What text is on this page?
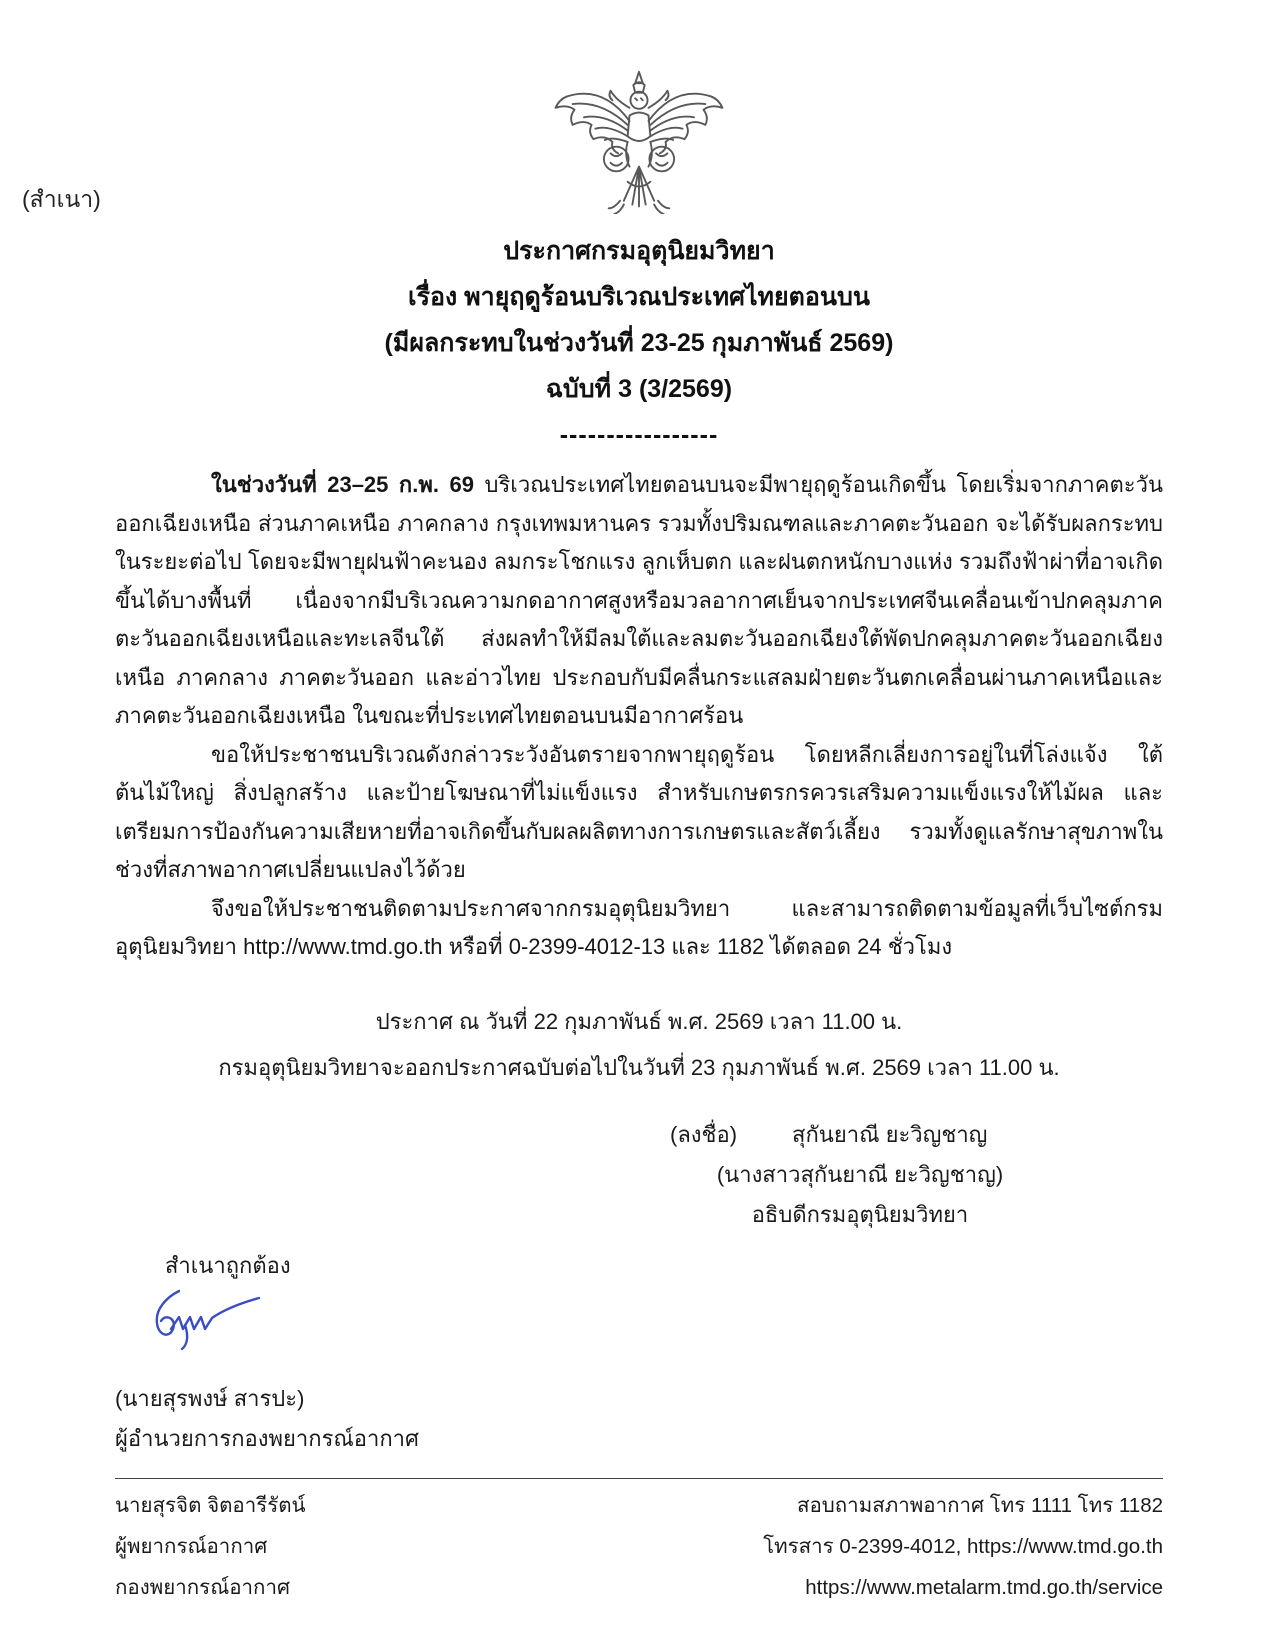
(สำเนา)
ประกาศกรมอุตุนิยมวิทยา
เรื่อง พายุฤดูร้อนบริเวณประเทศไทยตอนบน
(มีผลกระทบในช่วงวันที่ 23-25 กุมภาพันธ์ 2569)
ฉบับที่ 3 (3/2569)
-----------------

ในช่วงวันที่ 23–25 ก.พ. 69 บริเวณประเทศไทยตอนบนจะมีพายุฤดูร้อนเกิดขึ้น โดยเริ่มจากภาคตะวันออกเฉียงเหนือ ส่วนภาคเหนือ ภาคกลาง กรุงเทพมหานคร รวมทั้งปริมณฑลและภาคตะวันออก จะได้รับผลกระทบในระยะต่อไป โดยจะมีพายุฝนฟ้าคะนอง ลมกระโชกแรง ลูกเห็บตก และฝนตกหนักบางแห่ง รวมถึงฟ้าผ่าที่อาจเกิดขึ้นได้บางพื้นที่ เนื่องจากมีบริเวณความกดอากาศสูงหรือมวลอากาศเย็นจากประเทศจีนเคลื่อนเข้าปกคลุมภาคตะวันออกเฉียงเหนือและทะเลจีนใต้ ส่งผลทำให้มีลมใต้และลมตะวันออกเฉียงใต้พัดปกคลุมภาคตะวันออกเฉียงเหนือ ภาคกลาง ภาคตะวันออก และอ่าวไทย ประกอบกับมีคลื่นกระแสลมฝ่ายตะวันตกเคลื่อนผ่านภาคเหนือและภาคตะวันออกเฉียงเหนือ ในขณะที่ประเทศไทยตอนบนมีอากาศร้อน

ขอให้ประชาชนบริเวณดังกล่าวระวังอันตรายจากพายุฤดูร้อน โดยหลีกเลี่ยงการอยู่ในที่โล่งแจ้ง ใต้ต้นไม้ใหญ่ สิ่งปลูกสร้าง และป้ายโฆษณาที่ไม่แข็งแรง สำหรับเกษตรกรควรเสริมความแข็งแรงให้ไม้ผล และเตรียมการป้องกันความเสียหายที่อาจเกิดขึ้นกับผลผลิตทางการเกษตรและสัตว์เลี้ยง รวมทั้งดูแลรักษาสุขภาพในช่วงที่สภาพอากาศเปลี่ยนแปลงไว้ด้วย

จึงขอให้ประชาชนติดตามประกาศจากกรมอุตุนิยมวิทยา และสามารถติดตามข้อมูลที่เว็บไซต์กรมอุตุนิยมวิทยา http://www.tmd.go.th หรือที่ 0-2399-4012-13 และ 1182 ได้ตลอด 24 ชั่วโมง

ประกาศ ณ วันที่ 22 กุมภาพันธ์ พ.ศ. 2569 เวลา 11.00 น.
กรมอุตุนิยมวิทยาจะออกประกาศฉบับต่อไปในวันที่ 23 กุมภาพันธ์ พ.ศ. 2569 เวลา 11.00 น.
(ลงชื่อ)	สุกันยาณี ยะวิญชาญ
(นางสาวสุกันยาณี ยะวิญชาญ)
อธิบดีกรมอุตุนิยมวิทยา
สำเนาถูกต้อง
(นายสุรพงษ์ สารปะ)
ผู้อำนวยการกองพยากรณ์อากาศ
นายสุรจิต จิตอารีรัตน์
ผู้พยากรณ์อากาศ
กองพยากรณ์อากาศ
สอบถามสภาพอากาศ โทร 1111 โทร 1182
โทรสาร 0-2399-4012, https://www.tmd.go.th
https://www.metalarm.tmd.go.th/service
